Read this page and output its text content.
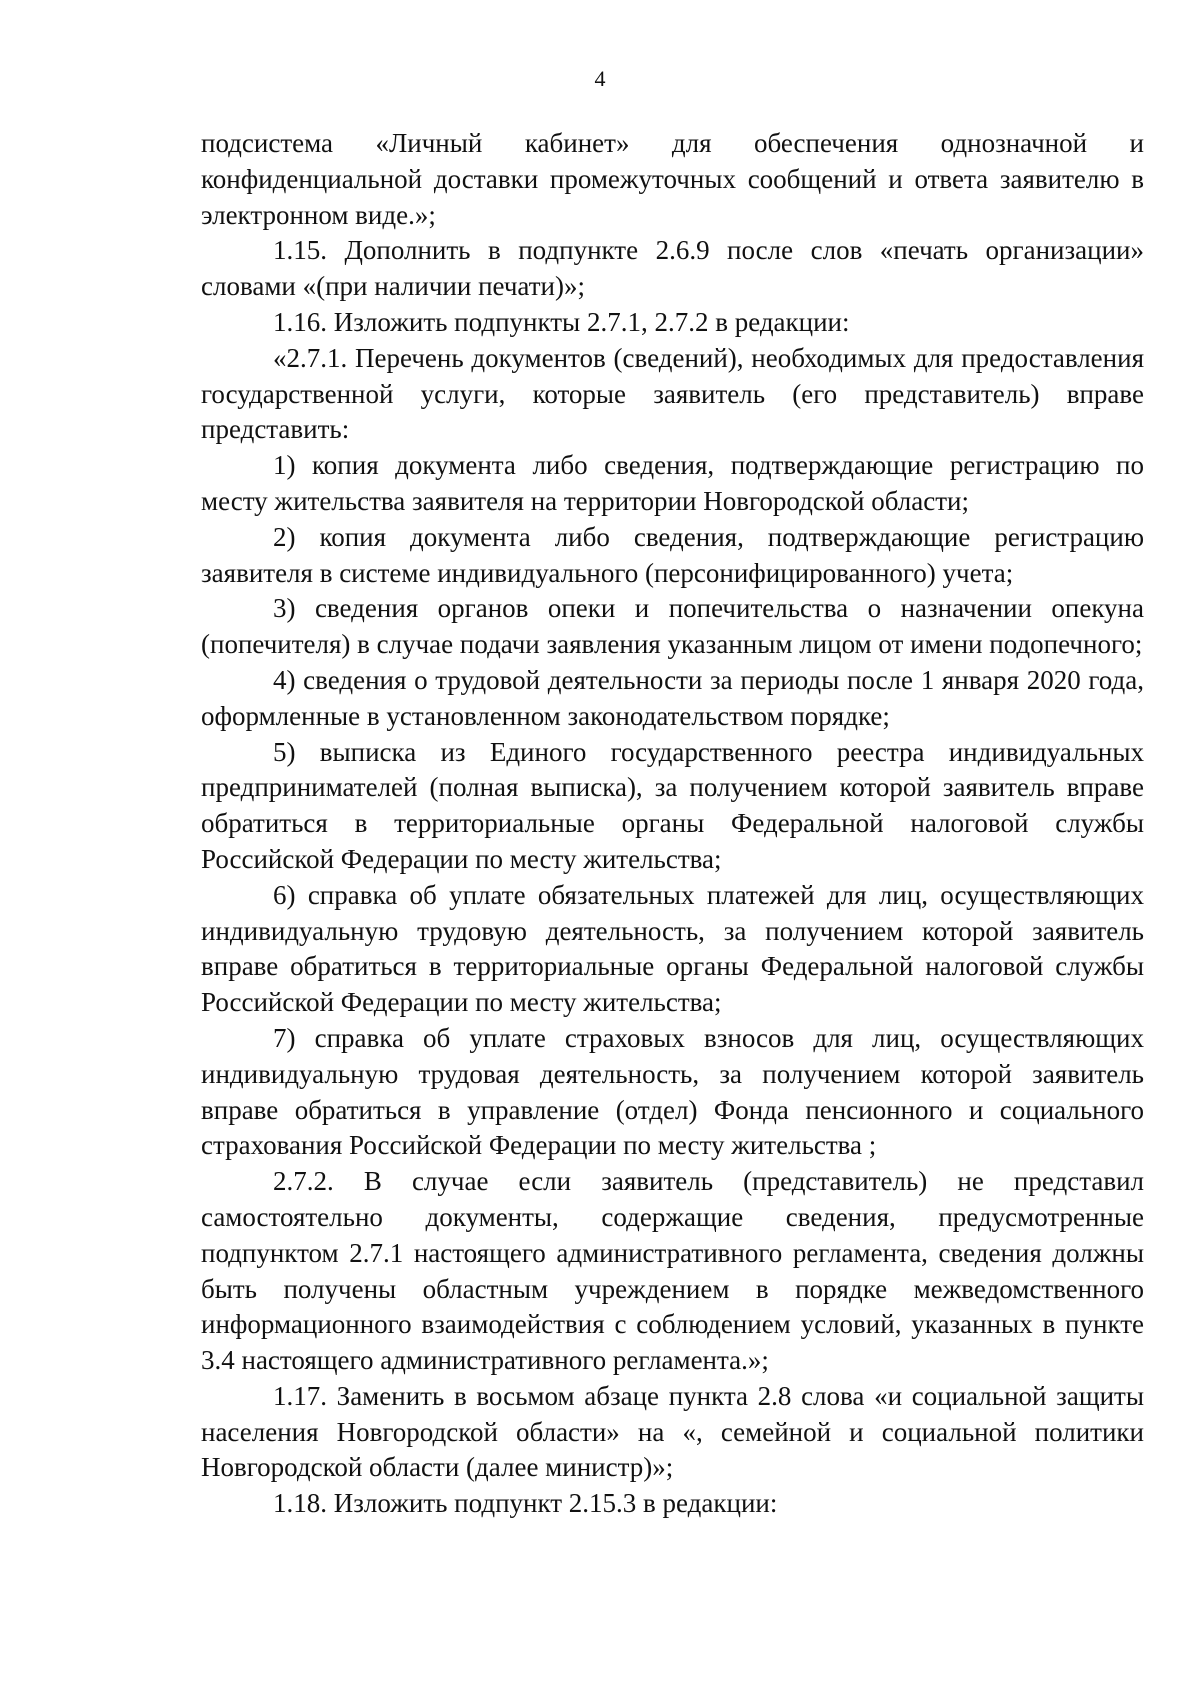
4

подсистема «Личный кабинет» для обеспечения однозначной и конфиденциальной доставки промежуточных сообщений и ответа заявителю в электронном виде.»;

1.15. Дополнить в подпункте 2.6.9 после слов «печать организации» словами «(при наличии печати)»;

1.16. Изложить подпункты 2.7.1, 2.7.2 в редакции:

«2.7.1. Перечень документов (сведений), необходимых для предоставления государственной услуги, которые заявитель (его представитель) вправе представить:

1) копия документа либо сведения, подтверждающие регистрацию по месту жительства заявителя на территории Новгородской области;

2) копия документа либо сведения, подтверждающие регистрацию заявителя в системе индивидуального (персонифицированного) учета;

3) сведения органов опеки и попечительства о назначении опекуна (попечителя) в случае подачи заявления указанным лицом от имени подопечного;

4) сведения о трудовой деятельности за периоды после 1 января 2020 года, оформленные в установленном законодательством порядке;

5) выписка из Единого государственного реестра индивидуальных предпринимателей (полная выписка), за получением которой заявитель вправе обратиться в территориальные органы Федеральной налоговой службы Российской Федерации по месту жительства;

6) справка об уплате обязательных платежей для лиц, осуществляющих индивидуальную трудовую деятельность, за получением которой заявитель вправе обратиться в территориальные органы Федеральной налоговой службы Российской Федерации по месту жительства;

7) справка об уплате страховых взносов для лиц, осуществляющих индивидуальную трудовая деятельность, за получением которой заявитель вправе обратиться в управление (отдел) Фонда пенсионного и социального страхования Российской Федерации по месту жительства ;

2.7.2. В случае если заявитель (представитель) не представил самостоятельно документы, содержащие сведения, предусмотренные подпунктом 2.7.1 настоящего административного регламента, сведения должны быть получены областным учреждением в порядке межведомственного информационного взаимодействия с соблюдением условий, указанных в пункте 3.4 настоящего административного регламента.»;

1.17. Заменить в восьмом абзаце пункта 2.8 слова «и социальной защиты населения Новгородской области» на «, семейной и социальной политики Новгородской области (далее министр)»;

1.18. Изложить подпункт 2.15.3 в редакции:
